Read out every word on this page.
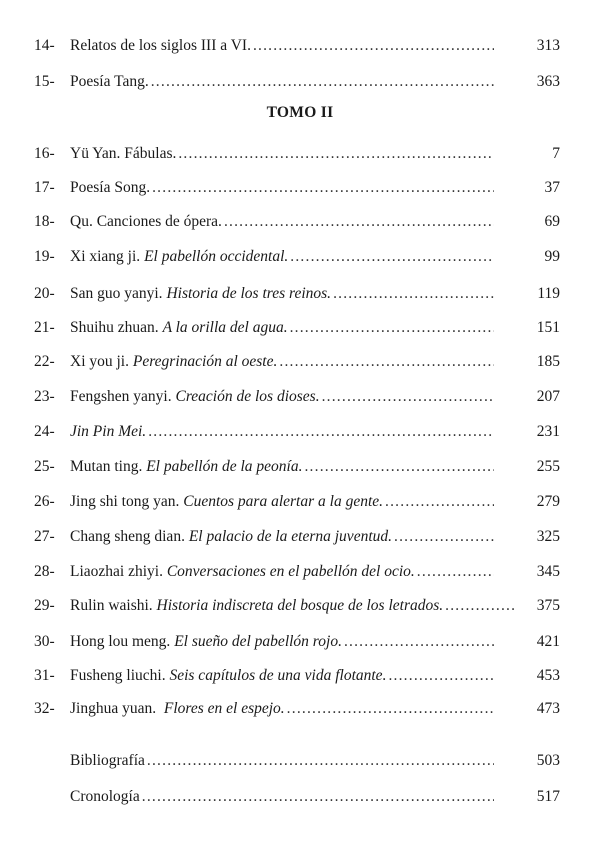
14- Relatos de los siglos III a VI. .....	313
15- Poesía Tang. .....	363
TOMO II
16- Yü Yan. Fábulas. .....	7
17- Poesía Song. .....	37
18- Qu. Canciones de ópera. .....	69
19- Xi xiang ji. El pabellón occidental. .....	99
20- San guo yanyi. Historia de los tres reinos. .....	119
21- Shuihu zhuan. A la orilla del agua. .....	151
22- Xi you ji. Peregrinación al oeste. .....	185
23- Fengshen yanyi. Creación de los dioses. .....	207
24- Jin Pin Mei. .....	231
25- Mutan ting. El pabellón de la peonía. .....	255
26- Jing shi tong yan. Cuentos para alertar a la gente. .....	279
27- Chang sheng dian. El palacio de la eterna juventud. .....	325
28- Liaozhai zhiyi. Conversaciones en el pabellón del ocio. .....	345
29- Rulin waishi. Historia indiscreta del bosque de los letrados. .....	375
30- Hong lou meng. El sueño del pabellón rojo. .....	421
31- Fusheng liuchi. Seis capítulos de una vida flotante. .....	453
32- Jinghua yuan.  Flores en el espejo. .....	473
Bibliografía .....	503
Cronología .....	517
